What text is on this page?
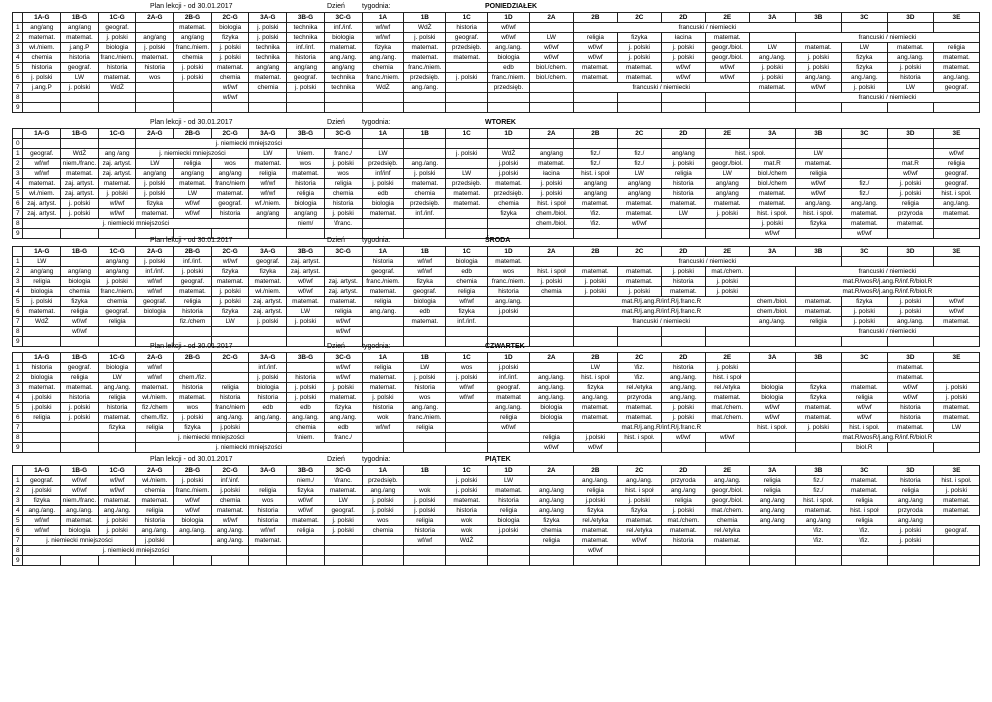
Plan lekcji - od 30.01.2017	Dzień tygodnia:	PONIEDZIAŁEK
	1A-G	1B-G	1C-G	2A-G	2B-G	2C-G	3A-G	3B-G	3C-G	1A	1B	1C	1D	2A	2B	2C	2D	2E	3A	3B	3C	3D	3E
1	ang/ang	ang/ang	geograf.		matemat.	biologia	j. polski	technika	inf./inf.	wf/wf	WdŻ	historia	wf/wf		francuski / niemiecki								
2	matemat.	matemat.	j. polski	ang/ang	ang/ang	fizyka	j. polski	technika	biologia	wf/wf	j. polski	geograf.	wf/wf	LW	religia	fizyka	łacina	matemat.		francuski / niemiecki			
3	wł./niem.	j.ang.P	biologia	j. polski	franc./niem.	j. polski	technika	inf./inf.	matemat.	fizyka	matemat.	przedsięb.	ang./ang.	wf/wf	wf/wf	j. polski	j. polski	geogr./biol.	LW	matemat.	LW	matemat.	religia
4	chemia	historia	franc./niem.	matemat.	chemia	j. polski	technika	historia	ang./ang.	ang./ang.	matemat.	matemat.	biologia	wf/wf	wf/wf	j. polski	j. polski	geogr./biol.	ang./ang.	j. polski	fizyka	ang./ang.	matemat.
5	historia	geograf.	historia	historia	j. polski	matemat.	ang/ang	ang/ang	ang/ang	chemia	franc./niem.		edb	biol./chem.	matemat.	matemat.	wf/wf	wf/wf	j. polski	j. polski	fizyka	j. polski	matemat.
6	j. polski	LW	matemat.	wos	j. polski	chemia	matemat.	geograf.	technika	franc./niem.	przedsięb.	j. polski	franc./niem.	biol./chem.	matemat.	matemat.	wf/wf	wf/wf	j. polski	ang./ang.	ang./ang.	historia	ang./ang.
7	j.ang.P	j. polski	WdŻ			wf/wf	chemia	j. polski	technika	WdŻ	ang./ang.		przedsięb.		francuski / niemiecki				matemat.	wf/wf	j. polski	LW	geograf.
8						wf/wf														francuski / niemiecki			
9																							
Plan lekcji - od 30.01.2017	Dzień tygodnia:	WTOREK
	1A-G	1B-G	1C-G	2A-G	2B-G	2C-G	3A-G	3B-G	3C-G	1A	1B	1C	1D	2A	2B	2C	2D	2E	3A	3B	3C	3D	3E
0				j. niemiecki mniejszości																			
1	geograf.	WdŻ	ang /ang	j. niemiecki mniejszości			LW	\niem.	franc./	LW		j. polski	WdŻ	ang/ang	fiz./	fiz./	ang/ang	hist. i społ.		LW			wf/wf
2	wf/wf	niem./franc.	zaj. artyst.	LW	religia	wos	matemat.	wos	j. polski	przedsięb.	ang./ang.		j.polski	matemat.	fiz./	fiz./	j. polski	geogr./biol.	mat.R	matemat.		mat.R	religia
3	wf/wf	matemat.	zaj. artyst.	ang/ang	ang/ang	ang/ang	religia	matemat.	wos	inf/inf	j. polski	LW	j.polski	łacina	hist. i społ	LW	religia	LW	biol./chem	religia		wf/wf	geograf.
4	matemat.	zaj. artyst.	matemat.	j. polski	matemat.	franc/niem	wf/wf	historia	religia	j. polski	matemat.	przedsięb.	matemat.	j. polski	ang/ang	ang/ang	historia	ang/ang	biol./chem	wf/wf	fiz./	j. polski	geograf.
5	wł./niem.	zaj. artyst.	j. polski	j. polski	LW	matemat.	wf/wf	religia	chemia	edb	chemia	matemat.	przedsięb.	j. polski	ang/ang	ang/ang	historia	ang/ang	matemat.	wf/wf	fiz./	j. polski	hist. i społ.
6	zaj. artyst.	j. polski	wf/wf	fizyka	wf/wf	geograf.	wf./niem.	biologia	historia	biologia	przedsięb.	matemat.	chemia	hist. i społ	matemat.	matemat.	matemat.	matemat.	matemat.	ang./ang.	ang./ang.	religia	ang./ang.
7	zaj. artyst.	j. polski	wf/wf	matemat.	wf/wf	historia	ang/ang	ang/ang	j. polski	matemat.	inf./inf.		fizyka	chem./biol.	\fiz.	matemat.	LW	j. polski	hist. i społ.	hist. i społ.	matemat.	przyroda	matemat.
8	j. niemiecki mniejszości							niem/	\franc.					chem./biol.	\fiz.	wf/wf			j. polski	fizyka	matemat.	matemat.	
9																			wf/wf		wf/wf		
Plan lekcji - od 30.01.2017	Dzień tygodnia:	ŚRODA
	1A-G	1B-G	1C-G	2A-G	2B-G	2C-G	3A-G	3B-G	3C-G	1A	1B	1C	1D	2A	2B	2C	2D	2E	3A	3B	3C	3D	3E
1	LW		ang/ang	j. polski	inf./inf.	wf/wf	geograf.	zaj. artyst.		historia	wf/wf	biologia	matemat.		francuski / niemiecki								
2	ang/ang	ang/ang	ang/ang	inf./inf.	j. polski	fizyka	fizyka	zaj. artyst.		geograf.	wf/wf	edb	wos	hist. i społ	matemat.	matemat.	j. polski	mat./chem.		francuski / niemiecki			
3	religia	biologia	j. polski	wf/wf	geograf.	matemat.	matemat.	wf/wf	zaj. artyst.	franc./niem.	fizyka	chemia	franc./niem.	j. polski	j. polski	matemat.	historia	j. polski		mat.R/wosR/j.ang.R/inf.R/biol.R			
4	biologia	chemia	franc./niem.	wf/wf	matemat.	j. polski	wł./niem.	wf/wf	zaj. artyst.	matemat.	geograf.	religia	historia	chemia	j. polski	j. polski	matemat.	j. polski		mat.R/wosR/j.ang.R/inf.R/biol.R			
5	j. polski	fizyka	chemia	geograf.	religia	j. polski	zaj. artyst.	matemat.	matemat.	religia	biologia	wf/wf	ang./ang.		mat.R/j.ang.R/inf.R/j.franc.R				chem./biol.	matemat.	fizyka	j. polski	wf/wf
6	matemat.	religia	geograf.	biologia	historia	fizyka	zaj. artyst.	LW	religia	ang./ang.	edb	fizyka	j.polski		mat.R/j.ang.R/inf.R/j.franc.R				chem./biol.	matemat.	j. polski	j. polski	wf/wf
7	WdŻ	wf/wf	religia		fiz./chem	LW	j. polski	j. polski	wf/wf		matemat.	inf./inf.			francuski / niemiecki				ang./ang.	religia	j. polski	ang./ang.	matemat.
8		wf/wf							wf/wf											francuski / niemiecki			
9																							
Plan lekcji - od 30.01.2017	Dzień tygodnia:	CZWARTEK
	1A-G	1B-G	1C-G	2A-G	2B-G	2C-G	3A-G	3B-G	3C-G	1A	1B	1C	1D	2A	2B	2C	2D	2E	3A	3B	3C	3D	3E
1	historia	geograf.	biologia	wf/wf			inf./inf.		wf/wf	religia	LW	wos	j.polski		LW	\fiz.	historia	j. polski				matemat.	
2	biologia	religia	LW	wf/wf	chem./fiz.		j. polski	historia	wf/wf	matemat.	j. polski	j. polski	inf./inf.	ang./ang.	hist. i społ	\fiz.	ang./ang.	hist. i społ				matemat.	
3	matemat.	matemat.	ang./ang.	matemat.	historia	religia	biologia	j. polski	j. polski	matemat.	historia	wf/wf	geograf.	ang./ang.	fizyka	rel./etyka	ang./ang.	rel./etyka	biologia	fizyka	matemat.	wf/wf	j. polski
4	j.polski	historia	religia	wł./niem.	matemat.	historia	historia	j. polski	matemat.	j. polski	wos	wf/wf	matemat	ang./ang.	ang./ang.	przyroda	ang./ang.	matemat.	biologia	fizyka	religia	wf/wf	j. polski
5	j.polski	j. polski	historia	fiz./chem	wos	franc/niem	edb	edb	fizyka	historia	ang./ang.		ang./ang.	biologia	matemat.	matemat.	j. polski	mat./chem.	wf/wf	matemat.	wf/wf	historia	matemat.
6	religia	j. polski	matemat.	chem./fiz.	j. polski	ang./ang.	ang./ang.	ang./ang.	ang./ang.	wok	franc./niem.		religia	biologia	matemat.	matemat.	j. polski	mat./chem.	wf/wf	matemat.	wf/wf	historia	matemat.
7			fizyka	religia	fizyka	j.polski		chemia	edb	wf/wf	religia		wf/wf		mat.R/j.ang.R/inf.R/j.franc.R				hist. i społ.	j. polski	hist. i społ.	matemat.	LW
8				j. niemiecki mniejszości				\niem.	franc./					religia	j.polski	hist. i społ.	wf/wf	wf/wf		mat.R/wosR/j.ang.R/inf.R/biol.R			
9				j. niemiecki mniejszości										wf/wf	wf/wf						biol.R		
Plan lekcji - od 30.01.2017	Dzień tygodnia:	PIĄTEK
	1A-G	1B-G	1C-G	2A-G	2B-G	2C-G	3A-G	3B-G	3C-G	1A	1B	1C	1D	2A	2B	2C	2D	2E	3A	3B	3C	3D	3E
1	geograf.	wf/wf	wf/wf	wł./niem.	j. polski	inf.\inf.		niem./	\franc.	przedsięb.		j. polski	LW		ang./ang.	ang./ang.	przyroda	ang./ang.	religia	fiz./	matemat.	historia	hist. i społ.
2	j.polski	wf/wf	wf/wf	chemia	franc./niem.	j.polski	religia	fizyka	matemat.	ang./ang	wok	j. polski	matemat.	ang./ang	religia	hist. i społ	ang./ang	geogr./biol.	religia	fiz./	matemat.	religia	j. polski
3	fizyka	niem./franc.	matemat.	matemat.	wf/wf	chemia	wos	wf/wf	LW	j. polski	j. polski	matemat.	historia	ang./ang	j.polski	j. polski	religia	geogr./biol.	ang./ang	hist. i społ.	religia	ang./ang	matemat.
4	ang./ang.	ang./ang.	ang./ang.	religia	wf/wf	matemat.	historia	wf/wf	geograf.	j. polski	j. polski	historia	religia	ang./ang	fizyka	fizyka	j. polski	mat./chem.	ang./ang	matemat.	hist. i społ	przyroda	matemat.
5	wf/wf	matemat.	j. polski	historia	biologia	wf/wf	historia	matemat.	j. polski	wos	religia	wok	biologia	fizyka	rel./etyka	matemat.	mat./chem.	chemia	ang./ang	ang./ang	religia	ang./ang	
6	wf/wf	biologia	j. polski	ang./ang.	ang./ang.	ang./ang.	wf/wf	religia	j. polski	chemia	historia	wok	j.polski	chemia	matemat.	rel./etyka	matemat.	rel./etyka		\fiz.	\fiz.	j. polski	geograf.
7	j. niemiecki mniejszości			j.polski		ang./ang.	matemat.				wf/wf	WdŻ		religia	matemat.	wf/wf	historia	matemat.		\fiz.	\fiz.	j. polski	
8	j. niemiecki mniejszości														wf/wf								
9																							
